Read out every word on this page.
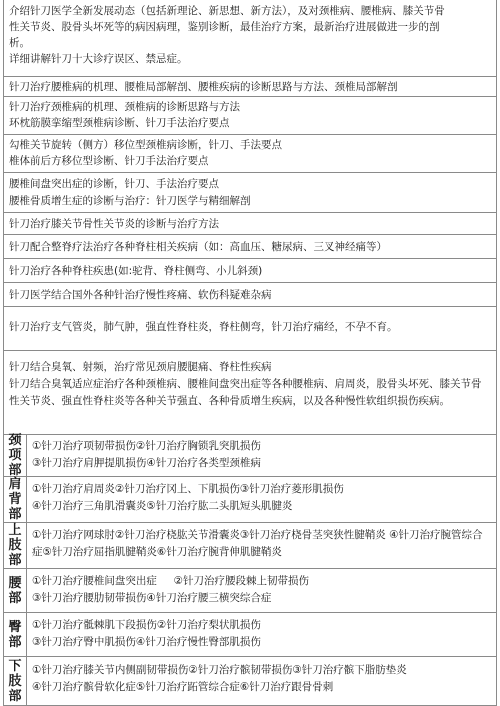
介绍针刀医学全新发展动态（包括新理论、新思想、新方法），及对颈椎病、腰椎病、膝关节骨
性关节炎、股骨头坏死等的病因病理，鉴别诊断，最佳治疗方案，最新治疗进展做进一步的剖
析。
详细讲解针刀十大诊疗误区、禁忌症。
针刀治疗腰椎病的机理、腰椎局部解剖、腰椎疾病的诊断思路与方法、颈椎局部解剖
针刀治疗颈椎病的机理、颈椎病的诊断思路与方法
环枕筋膜挛缩型颈椎病诊断、针刀手法治疗要点
勾椎关节旋转（侧方）移位型颈椎病诊断，针刀、手法要点
椎体前后方移位型诊断、针刀手法治疗要点
腰椎间盘突出症的诊断，针刀、手法治疗要点
腰椎骨质增生症的诊断与治疗：针刀医学与精细解剖
针刀治疗膝关节骨性关节炎的诊断与治疗方法
针刀配合整脊疗法治疗各种脊柱相关疾病（如：高血压、糖尿病、三叉神经痛等）
针刀治疗各种脊柱疾患(如:驼背、脊柱侧弯、小儿斜颈)
针刀医学结合国外各种针治疗慢性疼痛、软伤科疑难杂病
针刀治疗支气管炎，肺气肿，强直性脊柱炎，脊柱侧弯，针刀治疗痛经，不孕不育。
针刀结合臭氧、射频，治疗常见颈肩腰腿痛、脊柱性疾病
针刀结合臭氧适应症治疗各种颈椎病、腰椎间盘突出症等各种腰椎病、肩周炎，股骨头坏死、膝关节骨性关节炎、强直性脊柱炎等各种关节强直、各种骨质增生疾病，以及各种慢性软组织损伤疾病。
颈项部
①针刀治疗项韧带损伤②针刀治疗胸锁乳突肌损伤
③针刀治疗肩胛提肌损伤④针刀治疗各类型颈椎病
肩背部
①针刀治疗肩周炎②针刀治疗冈上、下肌损伤③针刀治疗菱形肌损伤
④针刀治疗三角肌滑囊炎⑤针刀治疗肱二头肌短头肌腱炎
上肢部
①针刀治疗网球肘②针刀治疗桡肱关节滑囊炎③针刀治疗桡骨茎突狭性腱鞘炎 ④针刀治疗腕管综合症⑤针刀治疗屈指肌腱鞘炎⑥针刀治疗腕背伸肌腱鞘炎
腰部
①针刀治疗腰椎间盘突出症     ②针刀治疗腰段棘上韧带损伤
③针刀治疗腰肋韧带损伤④针刀治疗腰三横突综合症
臀部
①针刀治疗骶棘肌下段损伤②针刀治疗梨状肌损伤
③针刀治疗臀中肌损伤④针刀治疗慢性臀部肌损伤
下肢部
①针刀治疗膝关节内侧副韧带损伤②针刀治疗髌韧带损伤③针刀治疗髌下脂肪垫炎
④针刀治疗髌骨软化症⑤针刀治疗跖管综合症⑥针刀治疗跟骨骨刺
